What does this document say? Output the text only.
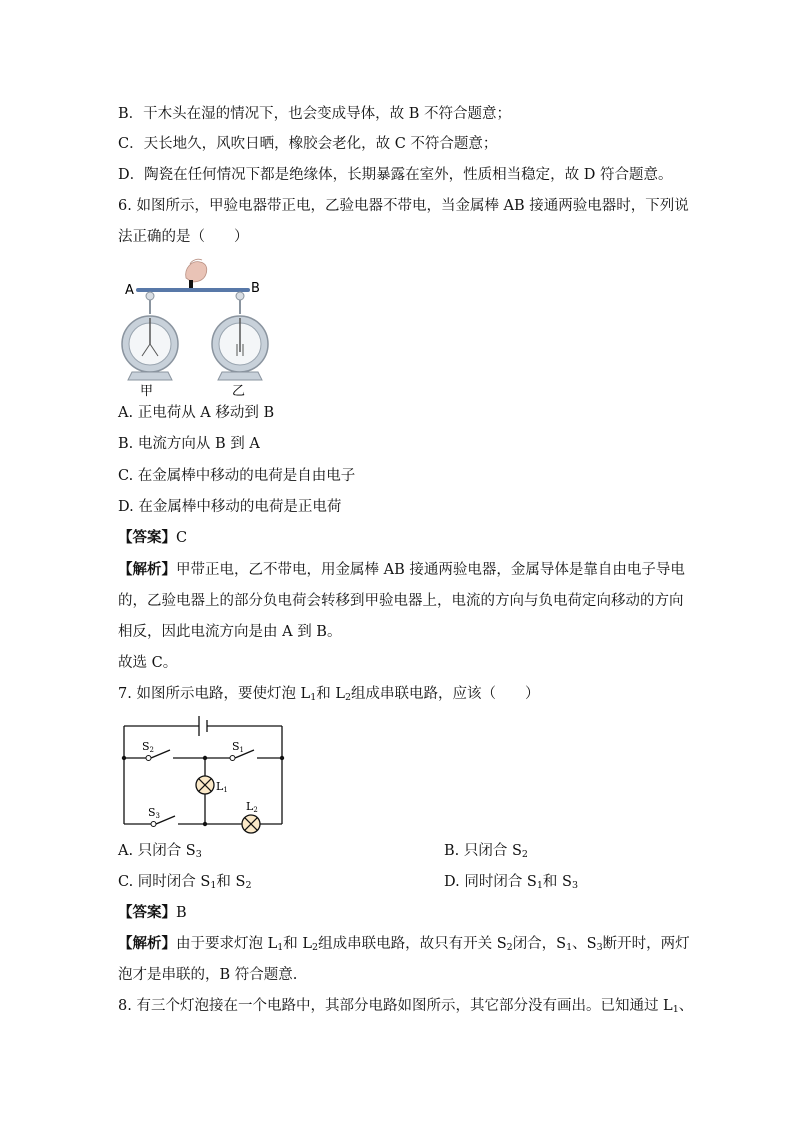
B．干木头在湿的情况下，也会变成导体，故 B 不符合题意；
C．天长地久，风吹日晒，橡胶会老化，故 C 不符合题意；
D．陶瓷在任何情况下都是绝缘体，长期暴露在室外，性质相当稳定，故 D 符合题意。
6. 如图所示，甲验电器带正电，乙验电器不带电，当金属棒 AB 接通两验电器时，下列说
法正确的是（　　）
A	B
甲	乙
A. 正电荷从 A 移动到 B
B. 电流方向从 B 到 A
C. 在金属棒中移动的电荷是自由电子
D. 在金属棒中移动的电荷是正电荷
【答案】C
【解析】甲带正电，乙不带电，用金属棒 AB 接通两验电器，金属导体是靠自由电子导电
的，乙验电器上的部分负电荷会转移到甲验电器上，电流的方向与负电荷定向移动的方向
相反，因此电流方向是由 A 到 B。
故选 C。
7. 如图所示电路，要使灯泡 $L_1$和 $L_2$组成串联电路，应该（　　）
S2	S1
S3
L1
L2
A. 只闭合 $S_3$	B. 只闭合 $S_2$
C. 同时闭合 $S_1$和 $S_2$	D. 同时闭合 $S_1$和 $S_3$
【答案】B
【解析】由于要求灯泡 $L_1$和 $L_2$组成串联电路，故只有开关 $S_2$闭合，$S_1$、$S_3$断开时，两灯
泡才是串联的，B 符合题意.
8. 有三个灯泡接在一个电路中，其部分电路如图所示，其它部分没有画出。已知通过 $L_1$、
